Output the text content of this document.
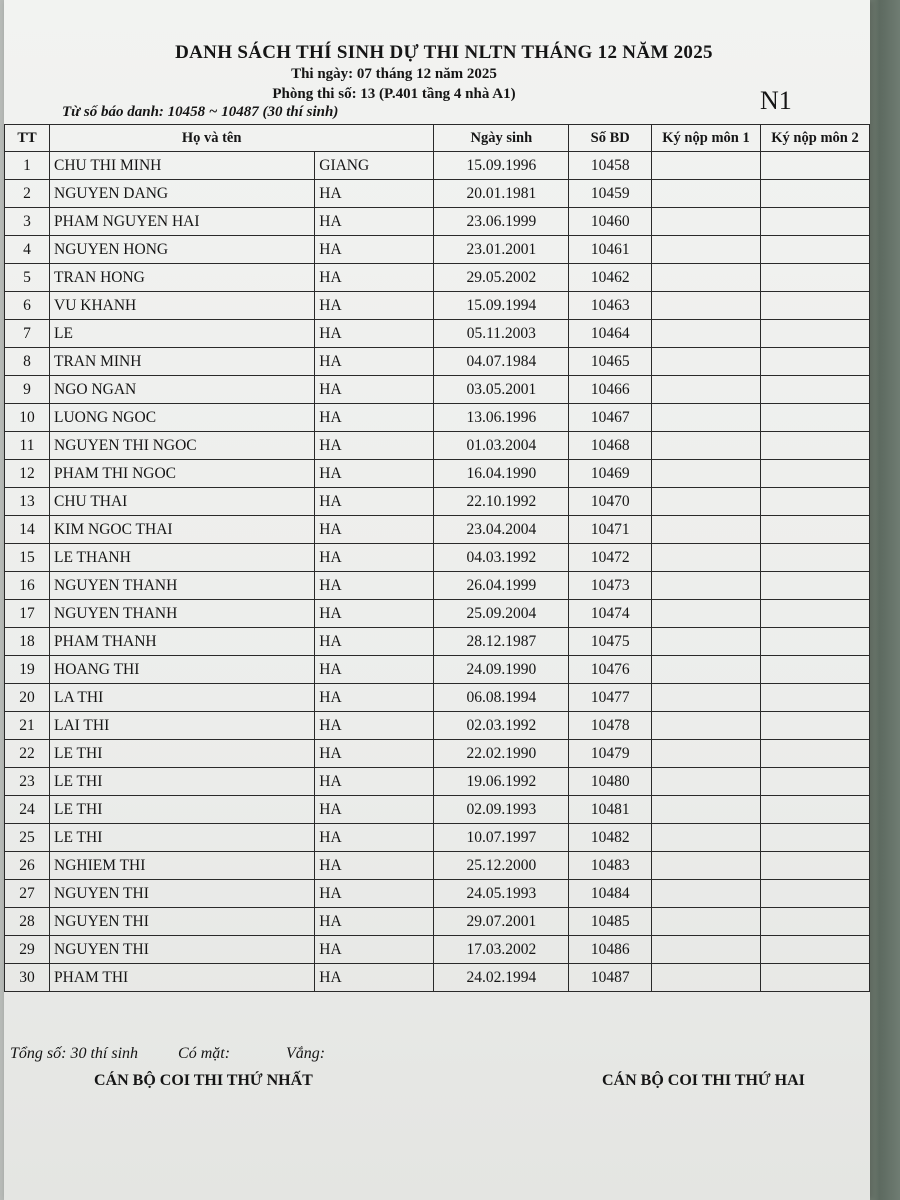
DANH SÁCH THÍ SINH DỰ THI NLTN THÁNG 12 NĂM 2025
Thi ngày: 07 tháng 12 năm 2025
Phòng thi số: 13 (P.401 tầng 4 nhà A1)
Từ số báo danh: 10458 ~ 10487 (30 thí sinh)	N1
TT	Họ và tên		Ngày sinh	Số BD	Ký nộp môn 1	Ký nộp môn 2
1	CHU THI MINH	GIANG	15.09.1996	10458		
2	NGUYEN DANG	HA	20.01.1981	10459		
3	PHAM NGUYEN HAI	HA	23.06.1999	10460		
4	NGUYEN HONG	HA	23.01.2001	10461		
5	TRAN HONG	HA	29.05.2002	10462		
6	VU KHANH	HA	15.09.1994	10463		
7	LE	HA	05.11.2003	10464		
8	TRAN MINH	HA	04.07.1984	10465		
9	NGO NGAN	HA	03.05.2001	10466		
10	LUONG NGOC	HA	13.06.1996	10467		
11	NGUYEN THI NGOC	HA	01.03.2004	10468		
12	PHAM THI NGOC	HA	16.04.1990	10469		
13	CHU THAI	HA	22.10.1992	10470		
14	KIM NGOC THAI	HA	23.04.2004	10471		
15	LE THANH	HA	04.03.1992	10472		
16	NGUYEN THANH	HA	26.04.1999	10473		
17	NGUYEN THANH	HA	25.09.2004	10474		
18	PHAM THANH	HA	28.12.1987	10475		
19	HOANG THI	HA	24.09.1990	10476		
20	LA THI	HA	06.08.1994	10477		
21	LAI THI	HA	02.03.1992	10478		
22	LE THI	HA	22.02.1990	10479		
23	LE THI	HA	19.06.1992	10480		
24	LE THI	HA	02.09.1993	10481		
25	LE THI	HA	10.07.1997	10482		
26	NGHIEM THI	HA	25.12.2000	10483		
27	NGUYEN THI	HA	24.05.1993	10484		
28	NGUYEN THI	HA	29.07.2001	10485		
29	NGUYEN THI	HA	17.03.2002	10486		
30	PHAM THI	HA	24.02.1994	10487		
Tổng số: 30 thí sinh	Có mặt:	Vắng:
CÁN BỘ COI THI THỨ NHẤT	CÁN BỘ COI THI THỨ HAI
